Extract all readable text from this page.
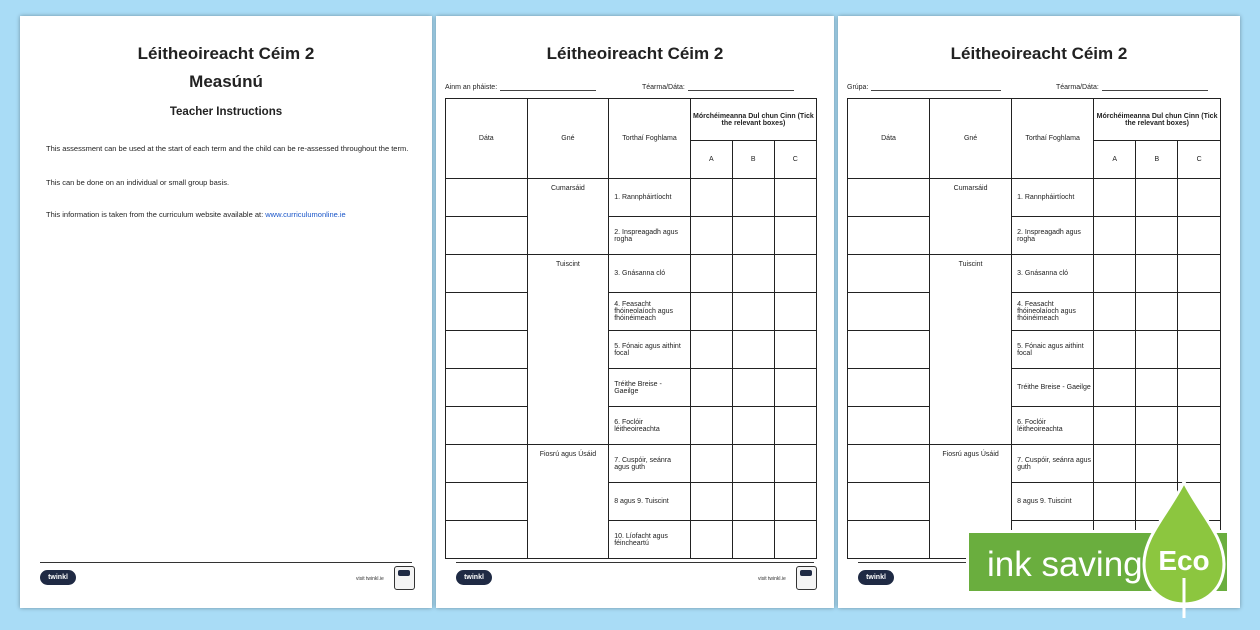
Léitheoireacht Céim 2
Measúnú
Teacher Instructions
This assessment can be used at the start of each term and the child can be re-assessed throughout the term.
This can be done on an individual or small group basis.
This information is taken from the curriculum website available at: www.curriculumonline.ie
twinkl	visit twinkl.ie
Léitheoireacht Céim 2
Ainm an pháiste:	Téarma/Dáta:
Dáta	Gné	Torthaí Foghlama	Mórchéimeanna Dul chun Cinn (Tick the relevant boxes)		
			A	B	C
	Cumarsáid	1. Rannpháirtíocht			
		2. Inspreagadh agus rogha			
	Tuiscint	3. Gnásanna cló			
		4. Feasacht fhóineolaíoch agus fhóinéimeach			
		5. Fónaic agus aithint focal			
		Tréithe Breise - Gaeilge			
		6. Foclóir léitheoireachta			
	Fiosrú agus Úsáid	7. Cuspóir, seánra agus guth			
		8 agus 9. Tuiscint			
		10. Líofacht agus féincheartú			
twinkl	visit twinkl.ie
Léitheoireacht Céim 2
Grúpa:	Téarma/Dáta:
Dáta	Gné	Torthaí Foghlama	Mórchéimeanna Dul chun Cinn (Tick the relevant boxes)		
			A	B	C
	Cumarsáid	1. Rannpháirtíocht			
		2. Inspreagadh agus rogha			
	Tuiscint	3. Gnásanna cló			
		4. Feasacht fhóineolaíoch agus fhóinéimeach			
		5. Fónaic agus aithint focal			
		Tréithe Breise - Gaeilge			
		6. Foclóir léitheoireachta			
	Fiosrú agus Úsáid	7. Cuspóir, seánra agus guth			
		8 agus 9. Tuiscint			

twinkl	ink saving Eco
